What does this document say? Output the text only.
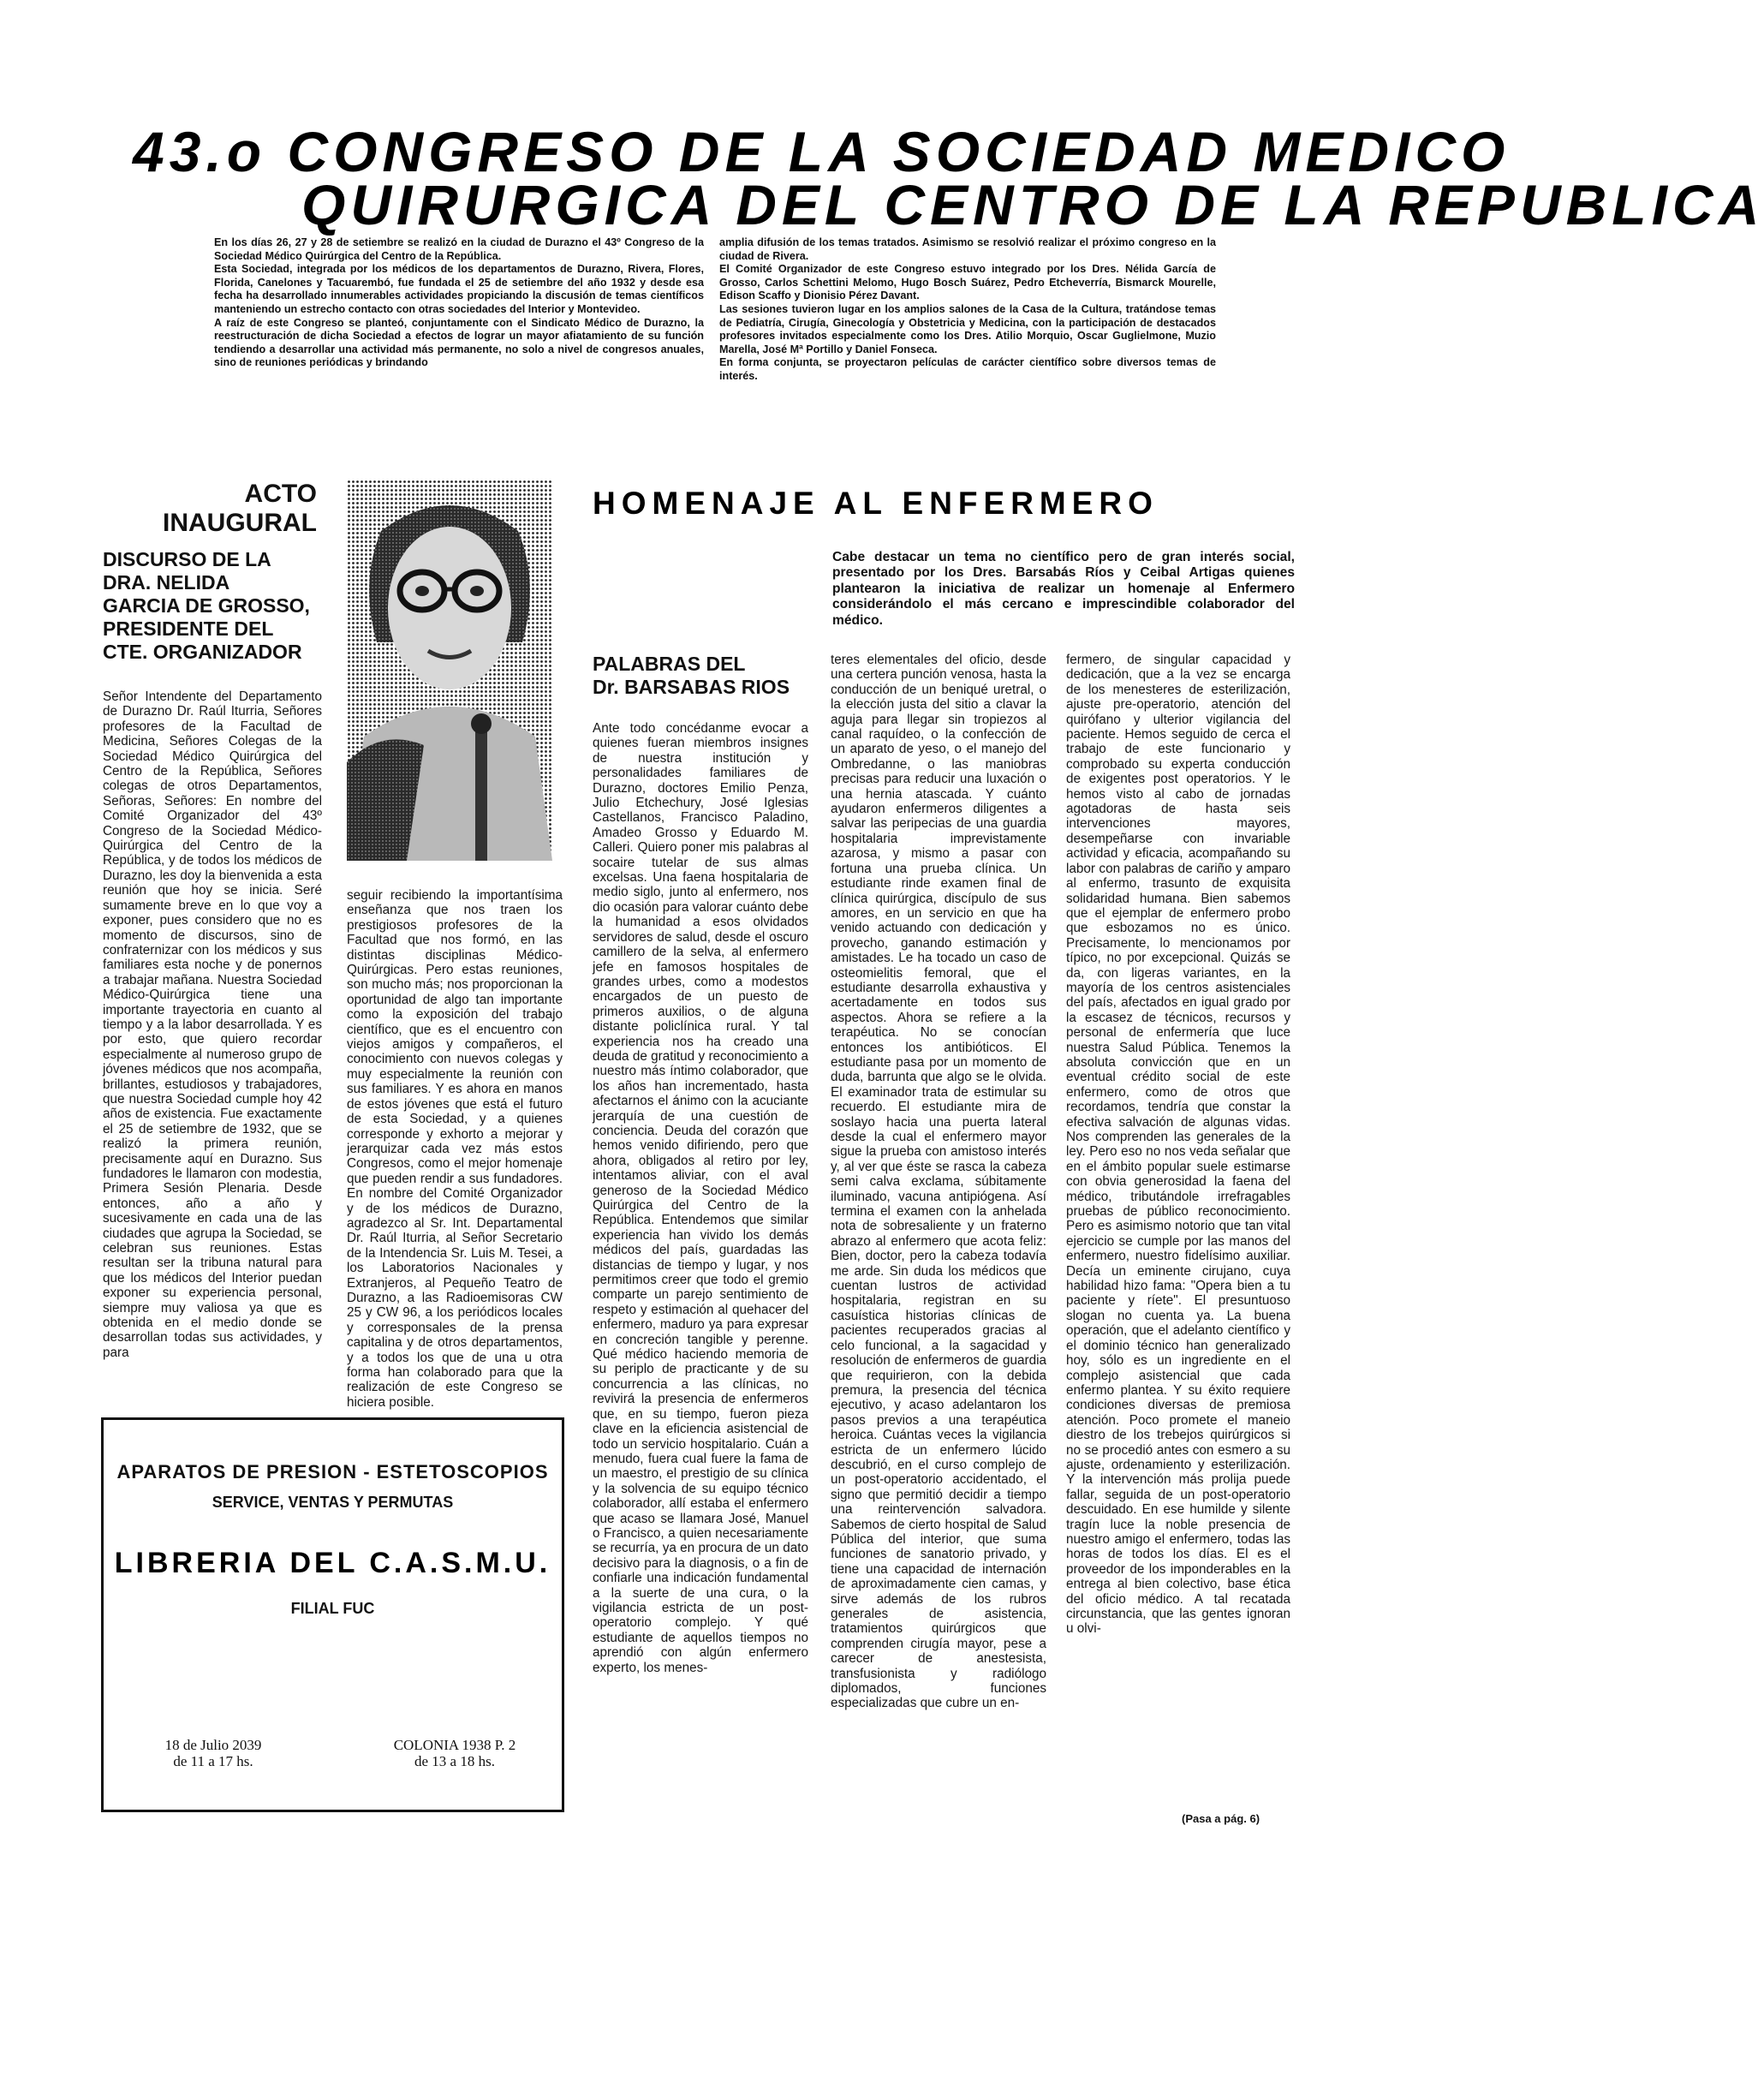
43.o CONGRESO DE LA SOCIEDAD MEDICO
QUIRURGICA DEL CENTRO DE LA REPUBLICA

En los días 26, 27 y 28 de setiembre se realizó en la ciudad de Durazno el 43º Congreso de la Sociedad Médico Quirúrgica del Centro de la República.

Esta Sociedad, integrada por los médicos de los departamentos de Durazno, Rivera, Flores, Florida, Canelones y Tacuarembó, fue fundada el 25 de setiembre del año 1932 y desde esa fecha ha desarrollado innumerables actividades propiciando la discusión de temas científicos manteniendo un estrecho contacto con otras sociedades del Interior y Montevideo.

A raíz de este Congreso se planteó, conjuntamente con el Sindicato Médico de Durazno, la reestructuración de dicha Sociedad a efectos de lograr un mayor afiatamiento de su función tendiendo a desarrollar una actividad más permanente, no solo a nivel de congresos anuales, sino de reuniones periódicas y brindando

amplia difusión de los temas tratados. Asimismo se resolvió realizar el próximo congreso en la ciudad de Rivera.

El Comité Organizador de este Congreso estuvo integrado por los Dres. Nélida García de Grosso, Carlos Schettini Melomo, Hugo Bosch Suárez, Pedro Etcheverría, Bismarck Mourelle, Edison Scaffo y Dionisio Pérez Davant.

Las sesiones tuvieron lugar en los amplios salones de la Casa de la Cultura, tratándose temas de Pediatría, Cirugía, Ginecología y Obstetricia y Medicina, con la participación de destacados profesores invitados especialmente como los Dres. Atilio Morquio, Oscar Guglielmone, Muzio Marella, José Mª Portillo y Daniel Fonseca.

En forma conjunta, se proyectaron películas de carácter científico sobre diversos temas de interés.

ACTO
INAUGURAL
DISCURSO DE LA
DRA. NELIDA
GARCIA DE GROSSO,
PRESIDENTE DEL
CTE. ORGANIZADOR
Señor Intendente del Departamento de Durazno Dr. Raúl Iturria, Señores profesores de la Facultad de Medicina, Señores Colegas de la Sociedad Médico Quirúrgica del Centro de la República, Señores colegas de otros Departamentos, Señoras, Señores: En nombre del Comité Organizador del 43º Congreso de la Sociedad Médico-Quirúrgica del Centro de la República, y de todos los médicos de Durazno, les doy la bienvenida a esta reunión que hoy se inicia. Seré sumamente breve en lo que voy a exponer, pues considero que no es momento de discursos, sino de confraternizar con los médicos y sus familiares esta noche y de ponernos a trabajar mañana. Nuestra Sociedad Médico-Quirúrgica tiene una importante trayectoria en cuanto al tiempo y a la labor desarrollada. Y es por esto, que quiero recordar especialmente al numeroso grupo de jóvenes médicos que nos acompaña, brillantes, estudiosos y trabajadores, que nuestra Sociedad cumple hoy 42 años de existencia. Fue exactamente el 25 de setiembre de 1932, que se realizó la primera reunión, precisamente aquí en Durazno. Sus fundadores le llamaron con modestia, Primera Sesión Plenaria. Desde entonces, año a año y sucesivamente en cada una de las ciudades que agrupa la Sociedad, se celebran sus reuniones. Estas resultan ser la tribuna natural para que los médicos del Interior puedan exponer su experiencia personal, siempre muy valiosa ya que es obtenida en el medio donde se desarrollan todas sus actividades, y para
seguir recibiendo la importantísima enseñanza que nos traen los prestigiosos profesores de la Facultad que nos formó, en las distintas disciplinas Médico-Quirúrgicas. Pero estas reuniones, son mucho más; nos proporcionan la oportunidad de algo tan importante como la exposición del trabajo científico, que es el encuentro con viejos amigos y compañeros, el conocimiento con nuevos colegas y muy especialmente la reunión con sus familiares. Y es ahora en manos de estos jóvenes que está el futuro de esta Sociedad, y a quienes corresponde y exhorto a mejorar y jerarquizar cada vez más estos Congresos, como el mejor homenaje que pueden rendir a sus fundadores. En nombre del Comité Organizador y de los médicos de Durazno, agradezco al Sr. Int. Departamental Dr. Raúl Iturria, al Señor Secretario de la Intendencia Sr. Luis M. Tesei, a los Laboratorios Nacionales y Extranjeros, al Pequeño Teatro de Durazno, a las Radioemisoras CW 25 y CW 96, a los periódicos locales y corresponsales de la prensa capitalina y de otros departamentos, y a todos los que de una u otra forma han colaborado para que la realización de este Congreso se hiciera posible.
HOMENAJE AL ENFERMERO
Cabe destacar un tema no científico pero de gran interés social, presentado por los Dres. Barsabás Ríos y Ceibal Artigas quienes plantearon la iniciativa de realizar un homenaje al Enfermero considerándolo el más cercano e imprescindible colaborador del médico.
PALABRAS DEL
Dr. BARSABAS RIOS
Ante todo concédanme evocar a quienes fueran miembros insignes de nuestra institución y personalidades familiares de Durazno, doctores Emilio Penza, Julio Etchechury, José Iglesias Castellanos, Francisco Paladino, Amadeo Grosso y Eduardo M. Calleri. Quiero poner mis palabras al socaire tutelar de sus almas excelsas. Una faena hospitalaria de medio siglo, junto al enfermero, nos dio ocasión para valorar cuánto debe la humanidad a esos olvidados servidores de salud, desde el oscuro camillero de la selva, al enfermero jefe en famosos hospitales de grandes urbes, como a modestos encargados de un puesto de primeros auxilios, o de alguna distante policlínica rural. Y tal experiencia nos ha creado una deuda de gratitud y reconocimiento a nuestro más íntimo colaborador, que los años han incrementado, hasta afectarnos el ánimo con la acuciante jerarquía de una cuestión de conciencia. Deuda del corazón que hemos venido difiriendo, pero que ahora, obligados al retiro por ley, intentamos aliviar, con el aval generoso de la Sociedad Médico Quirúrgica del Centro de la República. Entendemos que similar experiencia han vivido los demás médicos del país, guardadas las distancias de tiempo y lugar, y nos permitimos creer que todo el gremio comparte un parejo sentimiento de respeto y estimación al quehacer del enfermero, maduro ya para expresar en concreción tangible y perenne. Qué médico haciendo memoria de su periplo de practicante y de su concurrencia a las clínicas, no revivirá la presencia de enfermeros que, en su tiempo, fueron pieza clave en la eficiencia asistencial de todo un servicio hospitalario. Cuán a menudo, fuera cual fuere la fama de un maestro, el prestigio de su clínica y la solvencia de su equipo técnico colaborador, allí estaba el enfermero que acaso se llamara José, Manuel o Francisco, a quien necesariamente se recurría, ya en procura de un dato decisivo para la diagnosis, o a fin de confiarle una indicación fundamental a la suerte de una cura, o la vigilancia estricta de un post-operatorio complejo. Y qué estudiante de aquellos tiempos no aprendió con algún enfermero experto, los menes-
teres elementales del oficio, desde una certera punción venosa, hasta la conducción de un beniqué uretral, o la elección justa del sitio a clavar la aguja para llegar sin tropiezos al canal raquídeo, o la confección de un aparato de yeso, o el manejo del Ombredanne, o las maniobras precisas para reducir una luxación o una hernia atascada. Y cuánto ayudaron enfermeros diligentes a salvar las peripecias de una guardia hospitalaria imprevistamente azarosa, y mismo a pasar con fortuna una prueba clínica. Un estudiante rinde examen final de clínica quirúrgica, discípulo de sus amores, en un servicio en que ha venido actuando con dedicación y provecho, ganando estimación y amistades. Le ha tocado un caso de osteomielitis femoral, que el estudiante desarrolla exhaustiva y acertadamente en todos sus aspectos. Ahora se refiere a la terapéutica. No se conocían entonces los antibióticos. El estudiante pasa por un momento de duda, barrunta que algo se le olvida. El examinador trata de estimular su recuerdo. El estudiante mira de soslayo hacia una puerta lateral desde la cual el enfermero mayor sigue la prueba con amistoso interés y, al ver que éste se rasca la cabeza semi calva exclama, súbitamente iluminado, vacuna antipiógena. Así termina el examen con la anhelada nota de sobresaliente y un fraterno abrazo al enfermero que acota feliz: Bien, doctor, pero la cabeza todavía me arde. Sin duda los médicos que cuentan lustros de actividad hospitalaria, registran en su casuística historias clínicas de pacientes recuperados gracias al celo funcional, a la sagacidad y resolución de enfermeros de guardia que requirieron, con la debida premura, la presencia del técnica ejecutivo, y acaso adelantaron los pasos previos a una terapéutica heroica. Cuántas veces la vigilancia estricta de un enfermero lúcido descubrió, en el curso complejo de un post-operatorio accidentado, el signo que permitió decidir a tiempo una reintervención salvadora. Sabemos de cierto hospital de Salud Pública del interior, que suma funciones de sanatorio privado, y tiene una capacidad de internación de aproximadamente cien camas, y sirve además de los rubros generales de asistencia, tratamientos quirúrgicos que comprenden cirugía mayor, pese a carecer de anestesista, transfusionista y radiólogo diplomados, funciones especializadas que cubre un en-
fermero, de singular capacidad y dedicación, que a la vez se encarga de los menesteres de esterilización, ajuste pre-operatorio, atención del quirófano y ulterior vigilancia del paciente. Hemos seguido de cerca el trabajo de este funcionario y comprobado su experta conducción de exigentes post operatorios. Y le hemos visto al cabo de jornadas agotadoras de hasta seis intervenciones mayores, desempeñarse con invariable actividad y eficacia, acompañando su labor con palabras de cariño y amparo al enfermo, trasunto de exquisita solidaridad humana. Bien sabemos que el ejemplar de enfermero probo que esbozamos no es único. Precisamente, lo mencionamos por típico, no por excepcional. Quizás se da, con ligeras variantes, en la mayoría de los centros asistenciales del país, afectados en igual grado por la escasez de técnicos, recursos y personal de enfermería que luce nuestra Salud Pública. Tenemos la absoluta convicción que en un eventual crédito social de este enfermero, como de otros que recordamos, tendría que constar la efectiva salvación de algunas vidas. Nos comprenden las generales de la ley. Pero eso no nos veda señalar que en el ámbito popular suele estimarse con obvia generosidad la faena del médico, tributándole irrefragables pruebas de público reconocimiento. Pero es asimismo notorio que tan vital ejercicio se cumple por las manos del enfermero, nuestro fidelísimo auxiliar. Decía un eminente cirujano, cuya habilidad hizo fama: "Opera bien a tu paciente y ríete". El presuntuoso slogan no cuenta ya. La buena operación, que el adelanto científico y el dominio técnico han generalizado hoy, sólo es un ingrediente en el complejo asistencial que cada enfermo plantea. Y su éxito requiere condiciones diversas de premiosa atención. Poco promete el maneio diestro de los trebejos quirúrgicos si no se procedió antes con esmero a su ajuste, ordenamiento y esterilización. Y la intervención más prolija puede fallar, seguida de un post-operatorio descuidado. En ese humilde y silente tragín luce la noble presencia de nuestro amigo el enfermero, todas las horas de todos los días. El es el proveedor de los imponderables en la entrega al bien colectivo, base ética del oficio médico. A tal recatada circunstancia, que las gentes ignoran u olvi-
(Pasa a pág. 6)
APARATOS DE PRESION - ESTETOSCOPIOS
SERVICE, VENTAS Y PERMUTAS
LIBRERIA DEL C.A.S.M.U.
FILIAL FUC
18 de Julio 2039
de 11 a 17 hs.
COLONIA 1938 P. 2
de 13 a 18 hs.
